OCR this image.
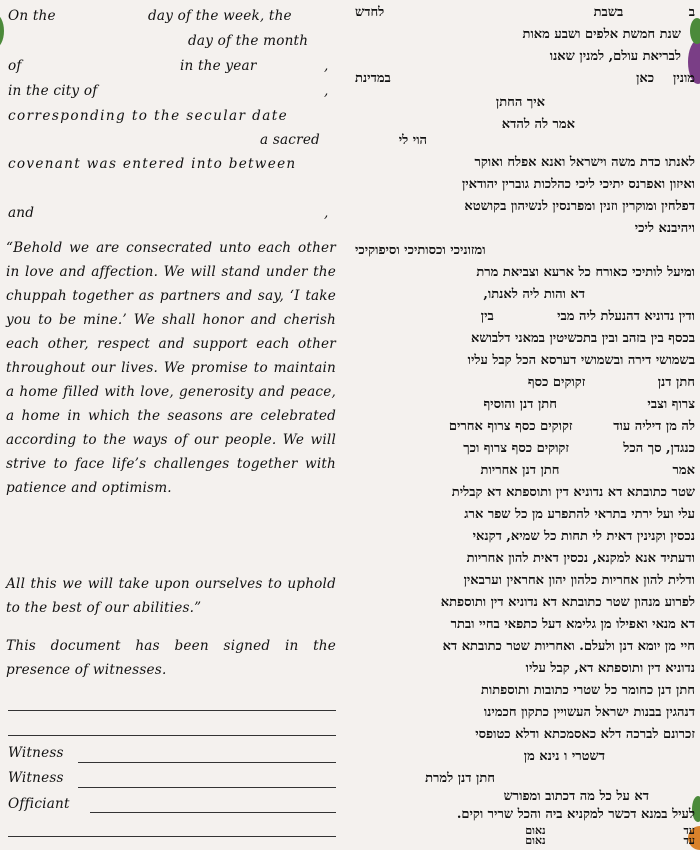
On the	day of the week, the
day of the month
of	in the year	,
in the city of	,
corresponding to the secular date
a sacred
covenant was entered into between
and	,
“Behold we are consecrated unto each other in love and affection. We will stand under the chuppah together as partners and say, ‘I take you to be mine.’ We shall honor and cherish each other, respect and support each other throughout our lives. We promise to maintain a home filled with love, generosity and peace, a home in which the seasons are celebrated according to the ways of our people. We will strive to face life’s challenges together with patience and optimism.
All this we will take upon ourselves to uphold to the best of our abilities.”
This document has been signed in the presence of witnesses.
Witness
Witness
Officiant
ב     בשבת                לחדש
שנת חמשת אלפים ושבע מאות
לבריאת עולם, למנין שאנו
מונין כאן             במדינת
איך החתן
אמר לה להדא
הוי לי
לאנתו כדת משה וישראל ואנא אפלח ואוקר
ואיזון ואפרנס יתיכי ליכי כהלכות גוברין יהודאין
דפלחין ומוקרין וזנין ומפרנסין לנשיהון בקושטא
ויהיבנא ליכי
ומזוניכי וכסותיכי וסיפוקיכי
ומיעל לותיכי כאורח כל ארעא וצביאת מרת
דא והות ליה לאנתו,
ודין נדוניא דהנעלת ליה מבי              בין
בכסף בין בזהב ובין בתכשיטין במאני דלבושא
בשמושי דירה ובשמושי דערסא הכל קבל עליו
חתן דנן                זקוקים כסף
צרוף וצבי                    חתן דנן והוסיף
לה מן דיליה עוד         זקוקים כסף צרוף אחרים
כנגדן, סך הכל            זקוקים כסף צרוף וכך
אמר                         חתן דנן אחריות
שטר כתובתא דא נדוניא דין ותוספתא דא קבלית
עלי ועל ירתי בתראי להתפרע מן כל שפר ארג
נכסין וקנינין דאית לי תחות כל שמיא, דקנאי
ודעתיד אנא למקנא, נכסין דאית להון אחריות
ודלית להון אחריות כלהון יהון אחראין וערבאין
לפרוע מנהון שטר כתובתא דא נדוניא דין ותוספתא
דא מנאי ואפילו מן גלימא דעל כתפאי בחיי ובתר
חיי מן יומא דנן ולעלם. ואחריות שטר כתובתא דא
נדוניא דין ותוספתא דא, קבל עליו
חתן דנן כחומר כל שטרי כתובות ותוספתות
דנהגין בבנות ישראל העשויין כתקון חכמינו
זכרונם לברכה דלא כאסמכתא ודלא כטופסי
דשטרי ו נינא מן
חתן דנן למרת
דא על כל מה דכתוב ומפורש
לעיל במנא דכשר למקניא ביה והכל שריר וקים.
עד                                    נאום
עד                                    נאום
